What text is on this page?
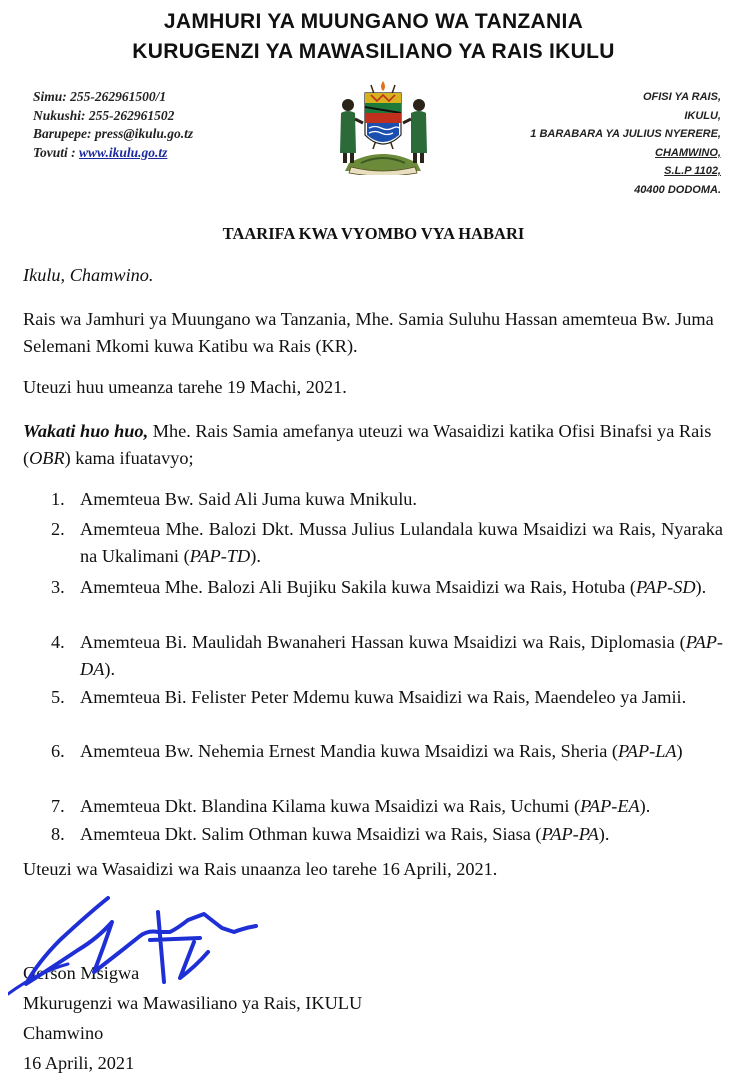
JAMHURI YA MUUNGANO WA TANZANIA
KURUGENZI YA MAWASILIANO YA RAIS IKULU
Simu: 255-262961500/1
Nukushi: 255-262961502
Barupepe: press@ikulu.go.tz
Tovuti : www.ikulu.go.tz
OFISI YA RAIS,
IKULU,
1 BARABARA YA JULIUS NYERERE,
CHAMWINO,
S.L.P 1102,
40400 DODOMA.
TAARIFA KWA VYOMBO VYA HABARI
Ikulu, Chamwino.
Rais wa Jamhuri ya Muungano wa Tanzania, Mhe. Samia Suluhu Hassan amemteua Bw. Juma Selemani Mkomi kuwa Katibu wa Rais (KR).
Uteuzi huu umeanza tarehe 19 Machi, 2021.
Wakati huo huo, Mhe. Rais Samia amefanya uteuzi wa Wasaidizi katika Ofisi Binafsi ya Rais (OBR) kama ifuatavyo;
1. Amemteua Bw. Said Ali Juma kuwa Mnikulu.
2. Amemteua Mhe. Balozi Dkt. Mussa Julius Lulandala kuwa Msaidizi wa Rais, Nyaraka na Ukalimani (PAP-TD).
3. Amemteua Mhe. Balozi Ali Bujiku Sakila kuwa Msaidizi wa Rais, Hotuba (PAP-SD).
4. Amemteua Bi. Maulidah Bwanaheri Hassan kuwa Msaidizi wa Rais, Diplomasia (PAP-DA).
5. Amemteua Bi. Felister Peter Mdemu kuwa Msaidizi wa Rais, Maendeleo ya Jamii.
6. Amemteua Bw. Nehemia Ernest Mandia kuwa Msaidizi wa Rais, Sheria (PAP-LA)
7. Amemteua Dkt. Blandina Kilama kuwa Msaidizi wa Rais, Uchumi (PAP-EA).
8. Amemteua Dkt. Salim Othman kuwa Msaidizi wa Rais, Siasa (PAP-PA).
Uteuzi wa Wasaidizi wa Rais unaanza leo tarehe 16 Aprili, 2021.
Gerson Msigwa
Mkurugenzi wa Mawasiliano ya Rais, IKULU
Chamwino
16 Aprili, 2021
